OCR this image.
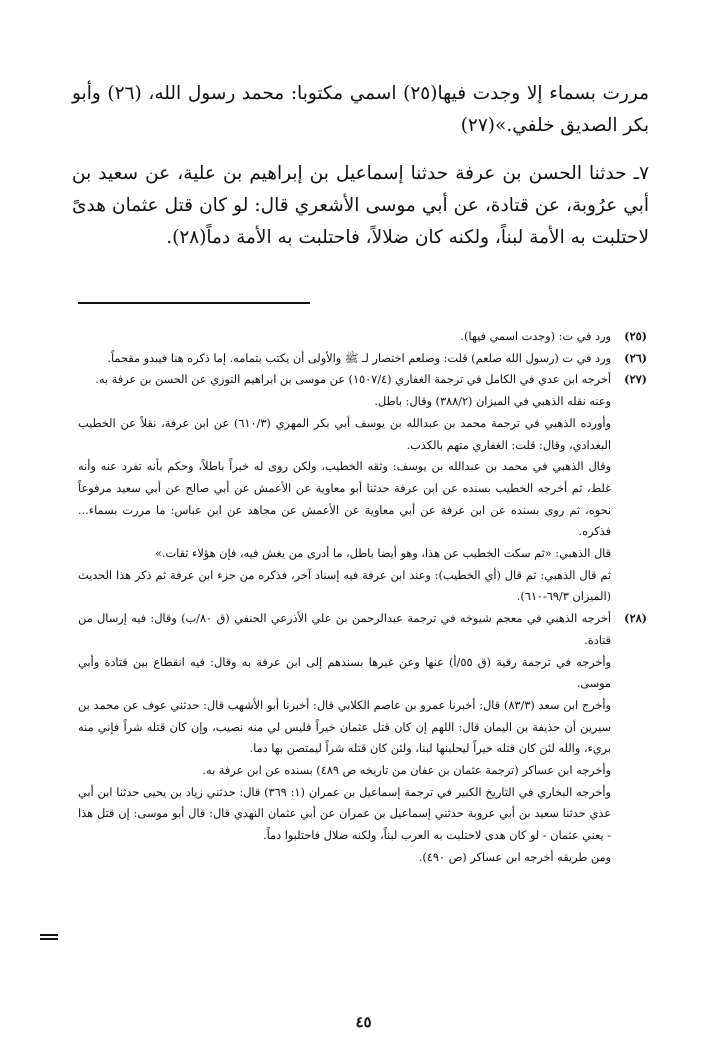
مررت بسماء إلا وجدت فيها(٢٥) اسمي مكتوبا: محمد رسول الله، (٢٦) وأبو بكر الصديق خلفي.»(٢٧)

٧ـ حدثنا الحسن بن عرفة حدثنا إسماعيل بن إبراهيم بن علية، عن سعيد بن أبي عرُوبة، عن قتادة، عن أبي موسى الأشعري قال: لو كان قتل عثمان هدىً لاحتلبت به الأمة لبناً، ولكنه كان ضلالاً، فاحتلبت به الأمة دماً(٢٨).

(٢٥)

ورد في ت: (وجدت اسمي فيها).

(٢٦)

ورد في ت (رسول الله صلعم) قلت: وصلعم اختصار لـ ﷺ والأولى أن يكتب بتمامه. إما ذكره هنا فيبدو مقحماً.

(٢٧)

أخرجه ابن عدي في الكامل في ترجمة الغفاري (١٥٠٧/٤) عن موسى بن ابراهيم التوزي عن الحسن بن عرفة به.

وعنه نقله الذهبي في الميزان (٣٨٨/٢) وقال: باطل.

وأورده الذهبي في ترجمة محمد بن عبدالله بن يوسف أبي بكر المهري (٦١٠/٣) عن ابن عرفة، نقلاً عن الخطيب البغدادي، وقال: قلت: الغفاري متهم بالكذب.

وقال الذهبي في محمد بن عبدالله بن يوسف: وثقه الخطيب، ولكن روى له خبراً باطلاً، وحكم بأنه تفرد عنه وأنه غلط، ثم أخرجه الخطيب بسنده عن ابن عرفة حدثنا أبو معاوية عن الأعمش عن أبي صالح عن أبي سعيد مرفوعاً نحوه، ثم روى بسنده عن ابن عرفة عن أبي معاوية عن الأعمش عن مجاهد عن ابن عباس: ما مررت بسماء... فذكره.

قال الذهبي: «ثم سكت الخطيب عن هذا، وهو أيضا باطل، ما أدرى من يغش فيه، فإن هؤلاء ثقات.»

ثم قال الذهبي: ثم قال (أي الخطيب): وعند ابن عرفة فيه إسناد آخر، فذكره من جزء ابن عرفة ثم ذكر هذا الحديث (الميزان ٦٩/٣-٦١٠).

(٢٨)

أخرجه الذهبي في معجم شيوخه في ترجمة عبدالرحمن بن علي الأذرعي الحنفي (ق ٨٠/ب) وقال: فيه إرسال من قتادة.

وأخرجه في ترجمة رقية (ق ٥٥/أ) عنها وعن غيرها بسندهم إلى ابن عرفة به وقال: فيه انقطاع بين قتادة وأبي موسى.

وأخرج ابن سعد (٨٣/٣) قال: أخبرنا عمرو بن عاصم الكلابي قال: أخبرنا أبو الأشهب قال: حدثني عوف عن محمد بن سيرين أن حذيفة بن اليمان قال: اللهم إن كان قتل عثمان خيراً فليس لي منه نصيب، وإن كان قتله شراً فإني منه بريء، والله لئن كان قتله خيراً ليحلبنها لبنا، ولئن كان قتله شراً ليمتصن بها دما.

وأخرجه ابن عساكر (ترجمة عثمان بن عفان من تاريخه ص ٤٨٩) بسنده عن ابن عرفة به.

وأخرجه البخاري في التاريخ الكبير في ترجمة إسماعيل بن عمران (١: ٣٦٩) قال: حدثني زياد بن يحيى حدثنا ابن أبي عدي حدثنا سعيد بن أبي عروبة حدثني إسماعيل بن عمران عن أبي عثمان النهدي قال: قال أبو موسى: إن قتل هذا - يعني عثمان - لو كان هدى لاحتلبت به العرب لبناً، ولكنه ضلال فاحتلبوا دماً.

ومن طريقه أخرجه ابن عساكر (ص ٤٩٠).

٤٥
